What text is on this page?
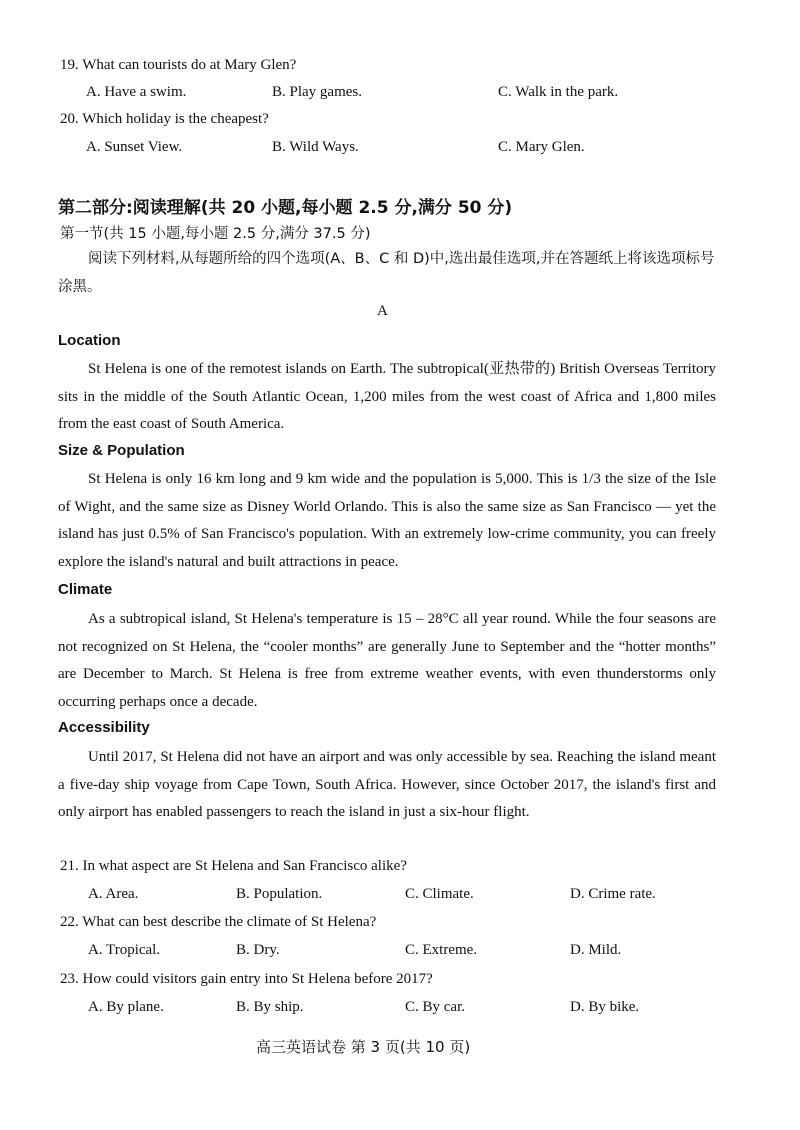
19. What can tourists do at Mary Glen?
A. Have a swim.	B. Play games.	C. Walk in the park.
20. Which holiday is the cheapest?
A. Sunset View.	B. Wild Ways.	C. Mary Glen.
第二部分:阅读理解(共 20 小题,每小题 2.5 分,满分 50 分)
第一节(共 15 小题,每小题 2.5 分,满分 37.5 分)
阅读下列材料,从每题所给的四个选项(A、B、C 和 D)中,选出最佳选项,并在答题纸上将该选项标号涂黑。
A
Location
St Helena is one of the remotest islands on Earth. The subtropical(亚热带的) British Overseas Territory sits in the middle of the South Atlantic Ocean, 1,200 miles from the west coast of Africa and 1,800 miles from the east coast of South America.
Size & Population
St Helena is only 16 km long and 9 km wide and the population is 5,000. This is 1/3 the size of the Isle of Wight, and the same size as Disney World Orlando. This is also the same size as San Francisco — yet the island has just 0.5% of San Francisco's population. With an extremely low-crime community, you can freely explore the island's natural and built attractions in peace.
Climate
As a subtropical island, St Helena's temperature is 15 – 28°C all year round. While the four seasons are not recognized on St Helena, the “cooler months” are generally June to September and the “hotter months” are December to March. St Helena is free from extreme weather events, with even thunderstorms only occurring perhaps once a decade.
Accessibility
Until 2017, St Helena did not have an airport and was only accessible by sea. Reaching the island meant a five-day ship voyage from Cape Town, South Africa. However, since October 2017, the island's first and only airport has enabled passengers to reach the island in just a six-hour flight.
21. In what aspect are St Helena and San Francisco alike?
A. Area.	B. Population.	C. Climate.	D. Crime rate.
22. What can best describe the climate of St Helena?
A. Tropical.	B. Dry.	C. Extreme.	D. Mild.
23. How could visitors gain entry into St Helena before 2017?
A. By plane.	B. By ship.	C. By car.	D. By bike.
高三英语试卷 第 3 页(共 10 页)
